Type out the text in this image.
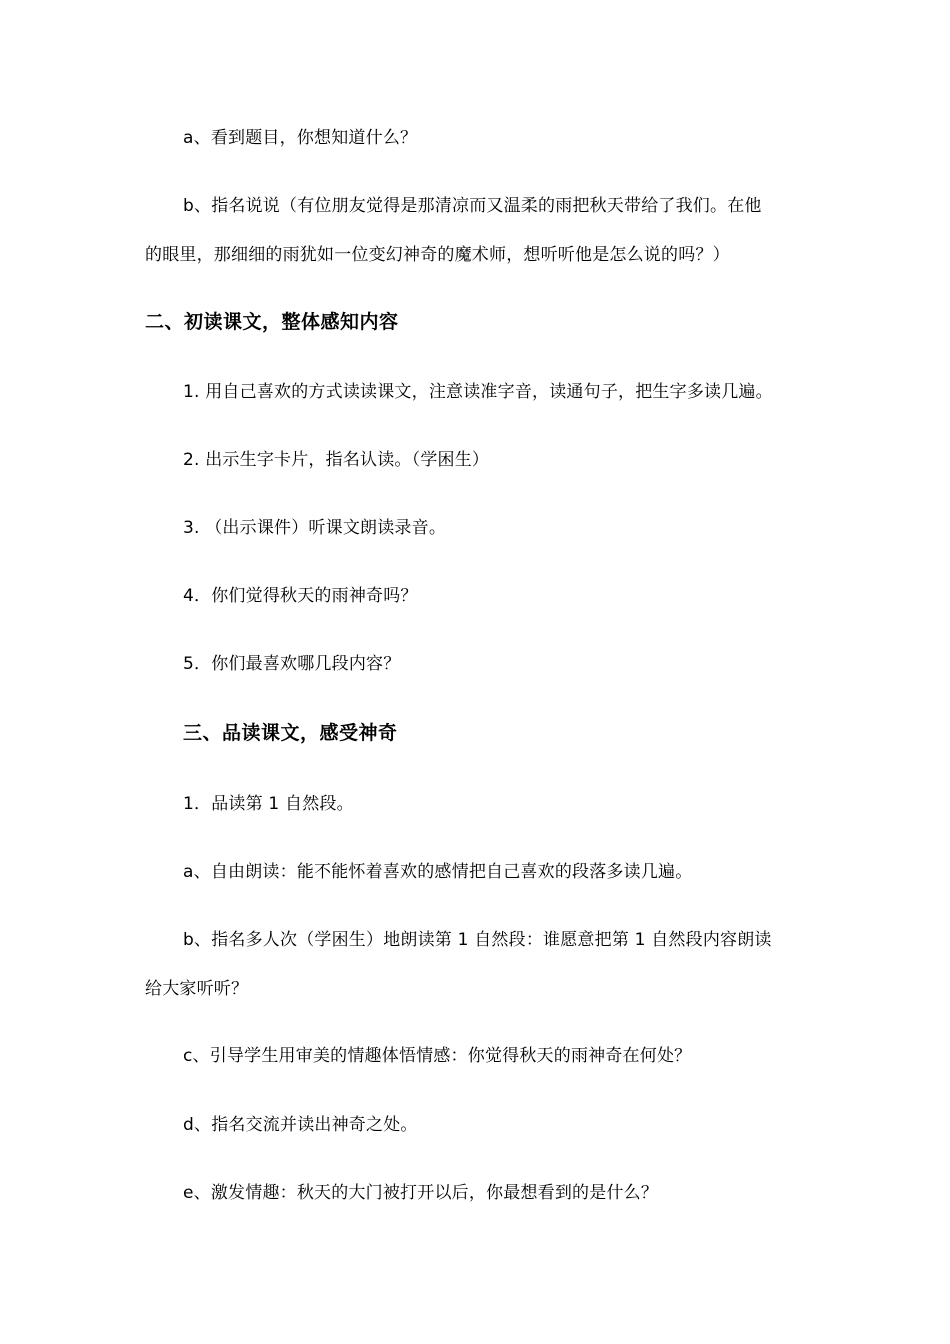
a、看到题目，你想知道什么？
b、指名说说（有位朋友觉得是那清凉而又温柔的雨把秋天带给了我们。在他
的眼里，那细细的雨犹如一位变幻神奇的魔术师，想听听他是怎么说的吗？）
二、初读课文，整体感知内容
1. 用自己喜欢的方式读读课文，注意读准字音，读通句子，把生字多读几遍。
2. 出示生字卡片，指名认读。（学困生）
3. （出示课件）听课文朗读录音。
4．你们觉得秋天的雨神奇吗？
5．你们最喜欢哪几段内容？
三、品读课文，感受神奇
1．品读第 1 自然段。
a、自由朗读：能不能怀着喜欢的感情把自己喜欢的段落多读几遍。
b、指名多人次（学困生）地朗读第 1 自然段：谁愿意把第 1 自然段内容朗读
给大家听听？
c、引导学生用审美的情趣体悟情感：你觉得秋天的雨神奇在何处？
d、指名交流并读出神奇之处。
e、激发情趣：秋天的大门被打开以后，你最想看到的是什么？
